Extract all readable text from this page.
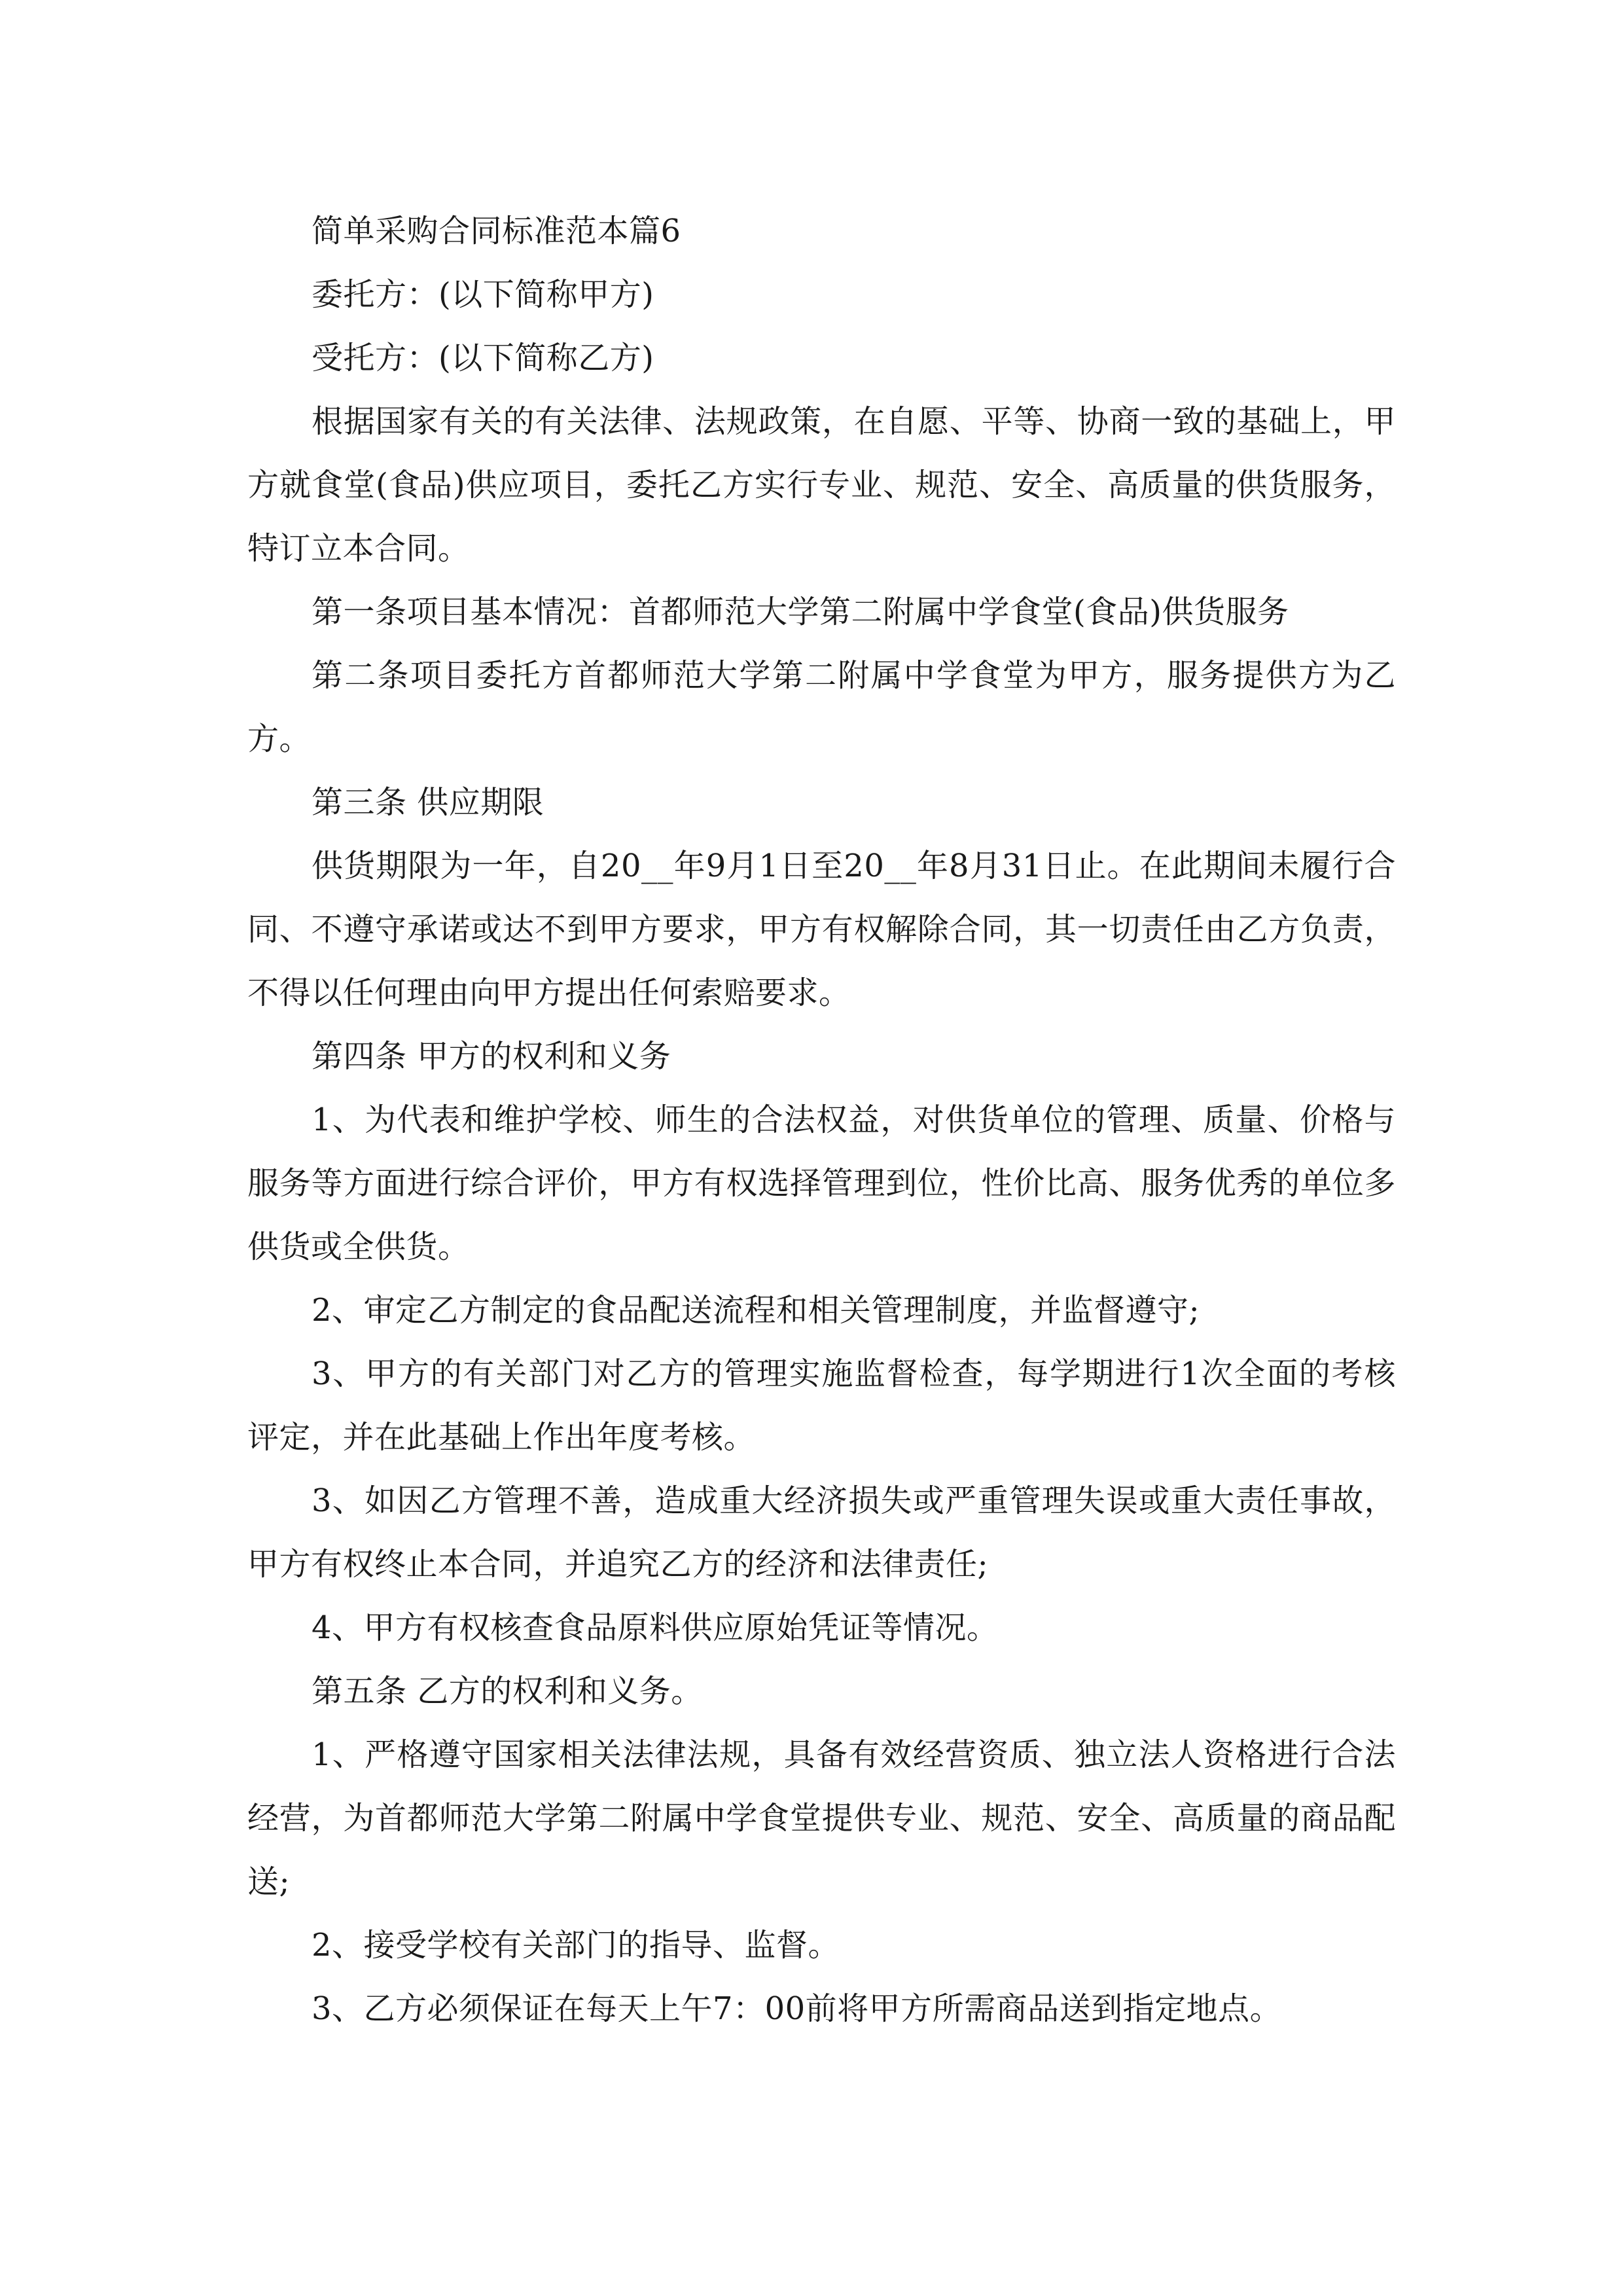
简单采购合同标准范本篇6

委托方：(以下简称甲方)

受托方：(以下简称乙方)

根据国家有关的有关法律、法规政策，在自愿、平等、协商一致的基础上，甲方就食堂(食品)供应项目，委托乙方实行专业、规范、安全、高质量的供货服务，特订立本合同。

第一条项目基本情况：首都师范大学第二附属中学食堂(食品)供货服务

第二条项目委托方首都师范大学第二附属中学食堂为甲方，服务提供方为乙方。

第三条 供应期限

供货期限为一年，自20__年9月1日至20__年8月31日止。在此期间未履行合同、不遵守承诺或达不到甲方要求，甲方有权解除合同，其一切责任由乙方负责，不得以任何理由向甲方提出任何索赔要求。

第四条 甲方的权利和义务

1、为代表和维护学校、师生的合法权益，对供货单位的管理、质量、价格与服务等方面进行综合评价，甲方有权选择管理到位，性价比高、服务优秀的单位多供货或全供货。

2、审定乙方制定的食品配送流程和相关管理制度，并监督遵守;

3、甲方的有关部门对乙方的管理实施监督检查，每学期进行1次全面的考核评定，并在此基础上作出年度考核。

3、如因乙方管理不善，造成重大经济损失或严重管理失误或重大责任事故，甲方有权终止本合同，并追究乙方的经济和法律责任;

4、甲方有权核查食品原料供应原始凭证等情况。

第五条 乙方的权利和义务。

1、严格遵守国家相关法律法规，具备有效经营资质、独立法人资格进行合法经营，为首都师范大学第二附属中学食堂提供专业、规范、安全、高质量的商品配送;

2、接受学校有关部门的指导、监督。

3、乙方必须保证在每天上午7：00前将甲方所需商品送到指定地点。
